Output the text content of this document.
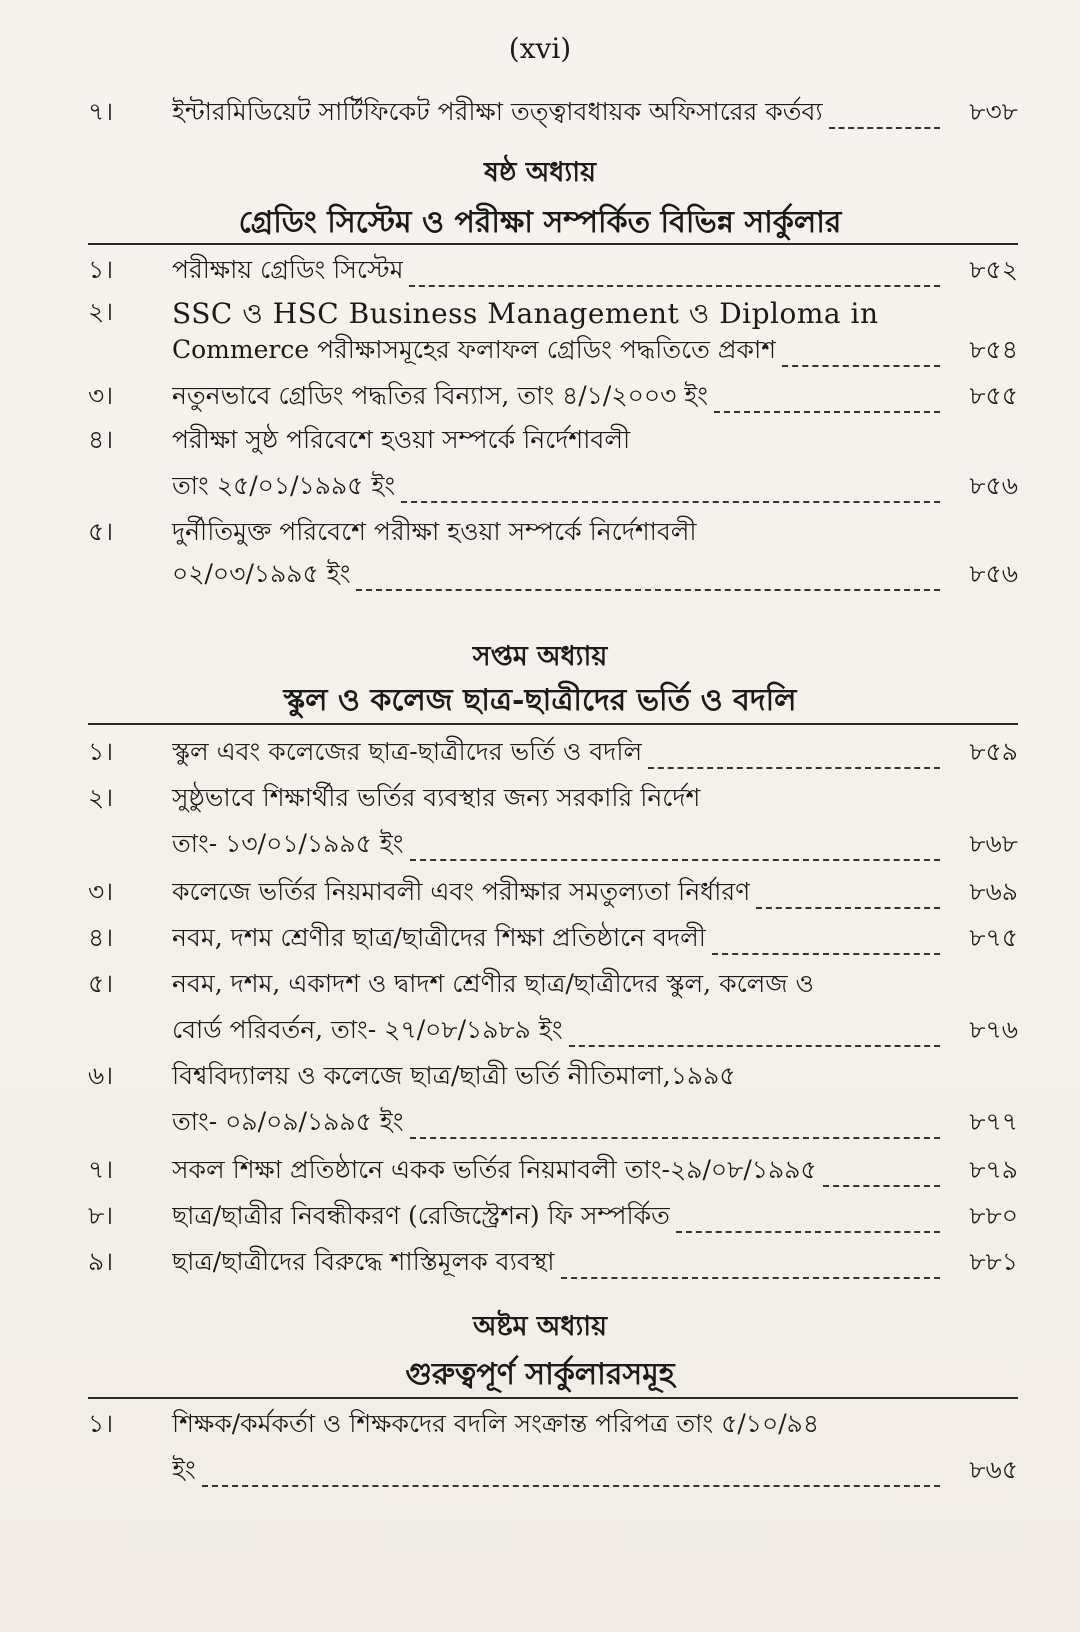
(xvi)
৭।	ইন্টারমিডিয়েট সার্টিফিকেট পরীক্ষা তত্ত্বাবধায়ক অফিসারের কর্তব্য	৮৩৮
ষষ্ঠ অধ্যায়
গ্রেডিং সিস্টেম ও পরীক্ষা সম্পর্কিত বিভিন্ন সার্কুলার
১।	পরীক্ষায় গ্রেডিং সিস্টেম	৮৫২
২।	SSC ও HSC Business Management ও Diploma in
Commerce পরীক্ষাসমূহের ফলাফল গ্রেডিং পদ্ধতিতে প্রকাশ	৮৫৪
৩।	নতুনভাবে গ্রেডিং পদ্ধতির বিন্যাস, তাং ৪/১/২০০৩ ইং	৮৫৫
৪।	পরীক্ষা সুষ্ঠ পরিবেশে হওয়া সম্পর্কে নির্দেশাবলী
তাং ২৫/০১/১৯৯৫ ইং	৮৫৬
৫।	দুর্নীতিমুক্ত পরিবেশে পরীক্ষা হওয়া সম্পর্কে নির্দেশাবলী
০২/০৩/১৯৯৫ ইং	৮৫৬
সপ্তম অধ্যায়
স্কুল ও কলেজ ছাত্র-ছাত্রীদের ভর্তি ও বদলি
১।	স্কুল এবং কলেজের ছাত্র-ছাত্রীদের ভর্তি ও বদলি	৮৫৯
২।	সুষ্ঠুভাবে শিক্ষার্থীর ভর্তির ব্যবস্থার জন্য সরকারি নির্দেশ
তাং- ১৩/০১/১৯৯৫ ইং	৮৬৮
৩।	কলেজে ভর্তির নিয়মাবলী এবং পরীক্ষার সমতুল্যতা নির্ধারণ	৮৬৯
৪।	নবম, দশম শ্রেণীর ছাত্র/ছাত্রীদের শিক্ষা প্রতিষ্ঠানে বদলী	৮৭৫
৫।	নবম, দশম, একাদশ ও দ্বাদশ শ্রেণীর ছাত্র/ছাত্রীদের স্কুল, কলেজ ও
বোর্ড পরিবর্তন, তাং- ২৭/০৮/১৯৮৯ ইং	৮৭৬
৬।	বিশ্ববিদ্যালয় ও কলেজে ছাত্র/ছাত্রী ভর্তি নীতিমালা,১৯৯৫
তাং- ০৯/০৯/১৯৯৫ ইং	৮৭৭
৭।	সকল শিক্ষা প্রতিষ্ঠানে একক ভর্তির নিয়মাবলী তাং-২৯/০৮/১৯৯৫	৮৭৯
৮।	ছাত্র/ছাত্রীর নিবন্ধীকরণ (রেজিস্ট্রেশন) ফি সম্পর্কিত	৮৮০
৯।	ছাত্র/ছাত্রীদের বিরুদ্ধে শাস্তিমূলক ব্যবস্থা	৮৮১
অষ্টম অধ্যায়
গুরুত্বপূর্ণ সার্কুলারসমূহ
১।	শিক্ষক/কর্মকর্তা ও শিক্ষকদের বদলি সংক্রান্ত পরিপত্র তাং ৫/১০/৯৪
ইং	৮৬৫
